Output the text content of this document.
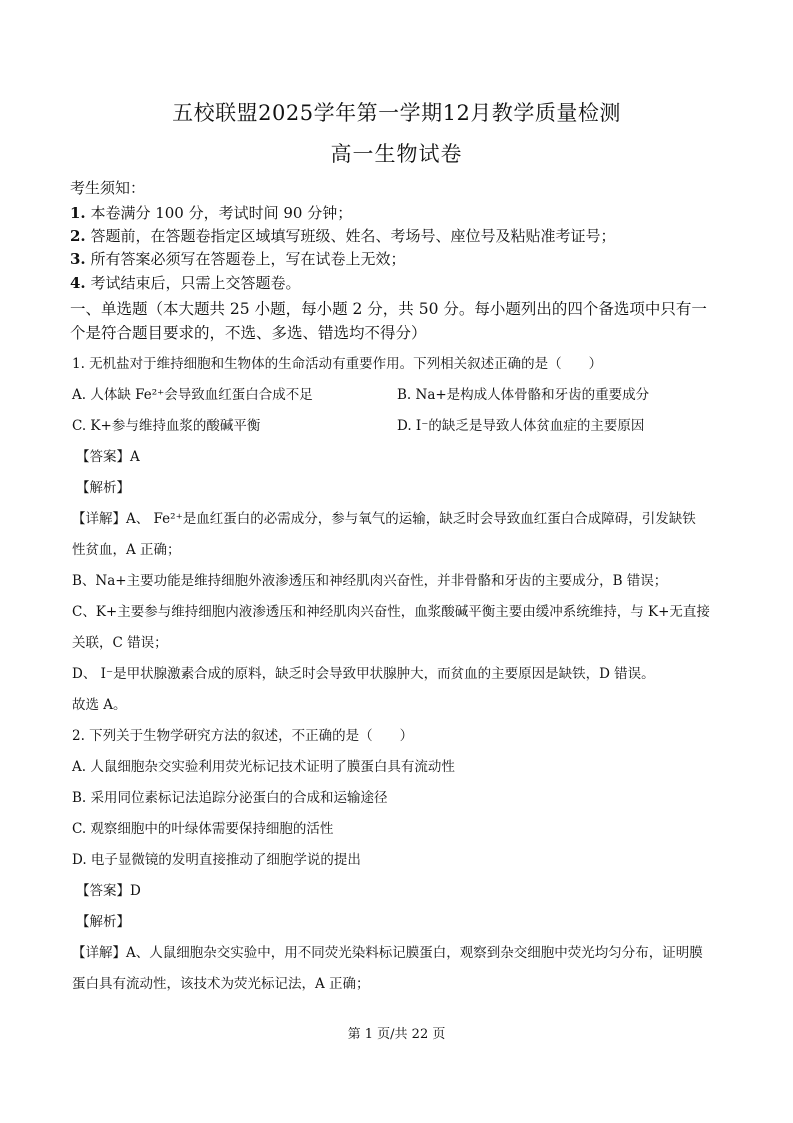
五校联盟2025学年第一学期12月教学质量检测
高一生物试卷
考生须知：
1. 本卷满分 100 分，考试时间 90 分钟；
2. 答题前，在答题卷指定区域填写班级、姓名、考场号、座位号及粘贴准考证号；
3. 所有答案必须写在答题卷上，写在试卷上无效；
4. 考试结束后，只需上交答题卷。
一、单选题（本大题共 25 小题，每小题 2 分，共 50 分。每小题列出的四个备选项中只有一
个是符合题目要求的，不选、多选、错选均不得分）
1. 无机盐对于维持细胞和生物体的生命活动有重要作用。下列相关叙述正确的是（　　）
A. 人体缺 Fe²⁺会导致血红蛋白合成不足	B. Na+是构成人体骨骼和牙齿的重要成分
C. K+参与维持血浆的酸碱平衡	D. I⁻的缺乏是导致人体贫血症的主要原因
【答案】A
【解析】
【详解】A、 Fe²⁺是血红蛋白的必需成分，参与氧气的运输，缺乏时会导致血红蛋白合成障碍，引发缺铁
性贫血，A 正确；
B、Na+主要功能是维持细胞外液渗透压和神经肌肉兴奋性，并非骨骼和牙齿的主要成分，B 错误；
C、K+主要参与维持细胞内液渗透压和神经肌肉兴奋性，血浆酸碱平衡主要由缓冲系统维持，与 K+无直接
关联，C 错误；
D、 I⁻是甲状腺激素合成的原料，缺乏时会导致甲状腺肿大，而贫血的主要原因是缺铁，D 错误。
故选 A。
2. 下列关于生物学研究方法的叙述，不正确的是（　　）
A. 人鼠细胞杂交实验利用荧光标记技术证明了膜蛋白具有流动性
B. 采用同位素标记法追踪分泌蛋白的合成和运输途径
C. 观察细胞中的叶绿体需要保持细胞的活性
D. 电子显微镜的发明直接推动了细胞学说的提出
【答案】D
【解析】
【详解】A、人鼠细胞杂交实验中，用不同荧光染料标记膜蛋白，观察到杂交细胞中荧光均匀分布，证明膜
蛋白具有流动性，该技术为荧光标记法，A 正确；
第 1 页/共 22 页
